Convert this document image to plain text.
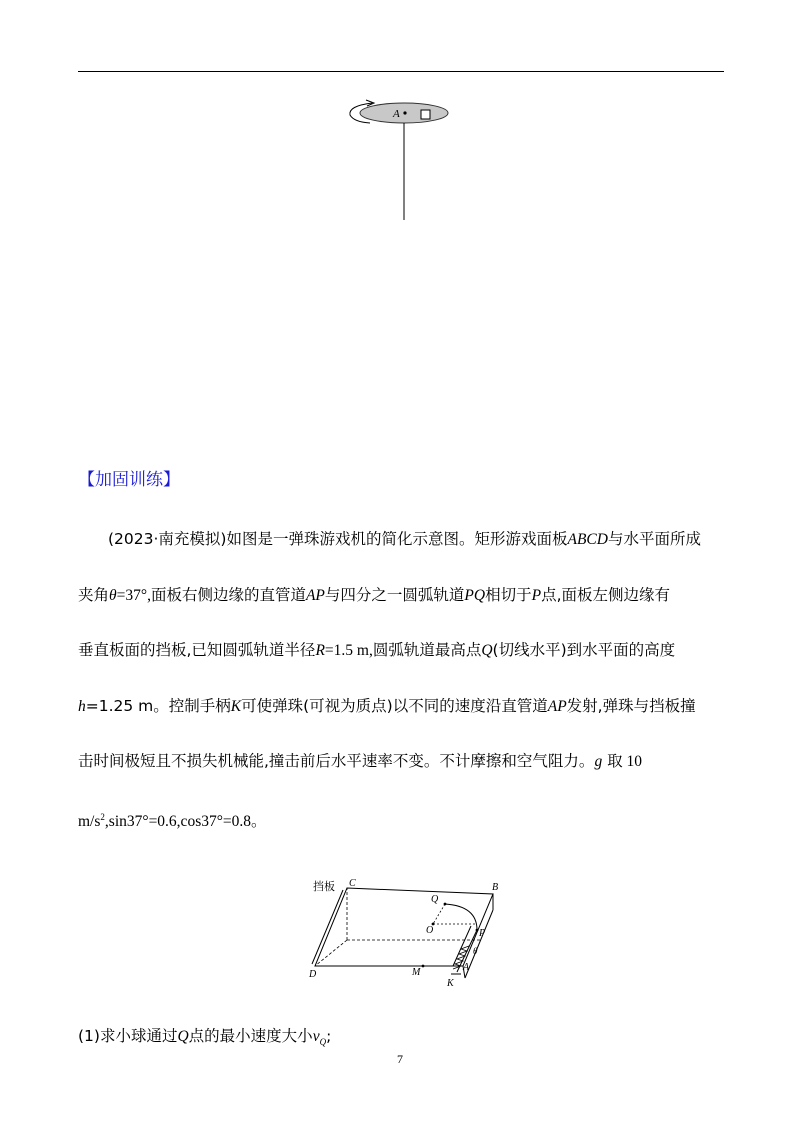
A
【加固训练】
(2023·南充模拟)如图是一弹珠游戏机的简化示意图。矩形游戏面板ABCD与水平面所成
夹角θ=37°,面板右侧边缘的直管道AP与四分之一圆弧轨道PQ相切于P点,面板左侧边缘有
垂直板面的挡板,已知圆弧轨道半径R=1.5 m,圆弧轨道最高点Q(切线水平)到水平面的高度
h=1.25 m。控制手柄K可使弹珠(可视为质点)以不同的速度沿直管道AP发射,弹珠与挡板撞
击时间极短且不损失机械能,撞击前后水平速率不变。不计摩擦和空气阻力。g 取 10
$m/s^2,\sin 37^\circ=0.6,\cos 37^\circ=0.8$。
挡板 C	B
Q
O	P
θ
D	M	A
K
(1)求小球通过Q点的最小速度大小$v_Q$;
7
